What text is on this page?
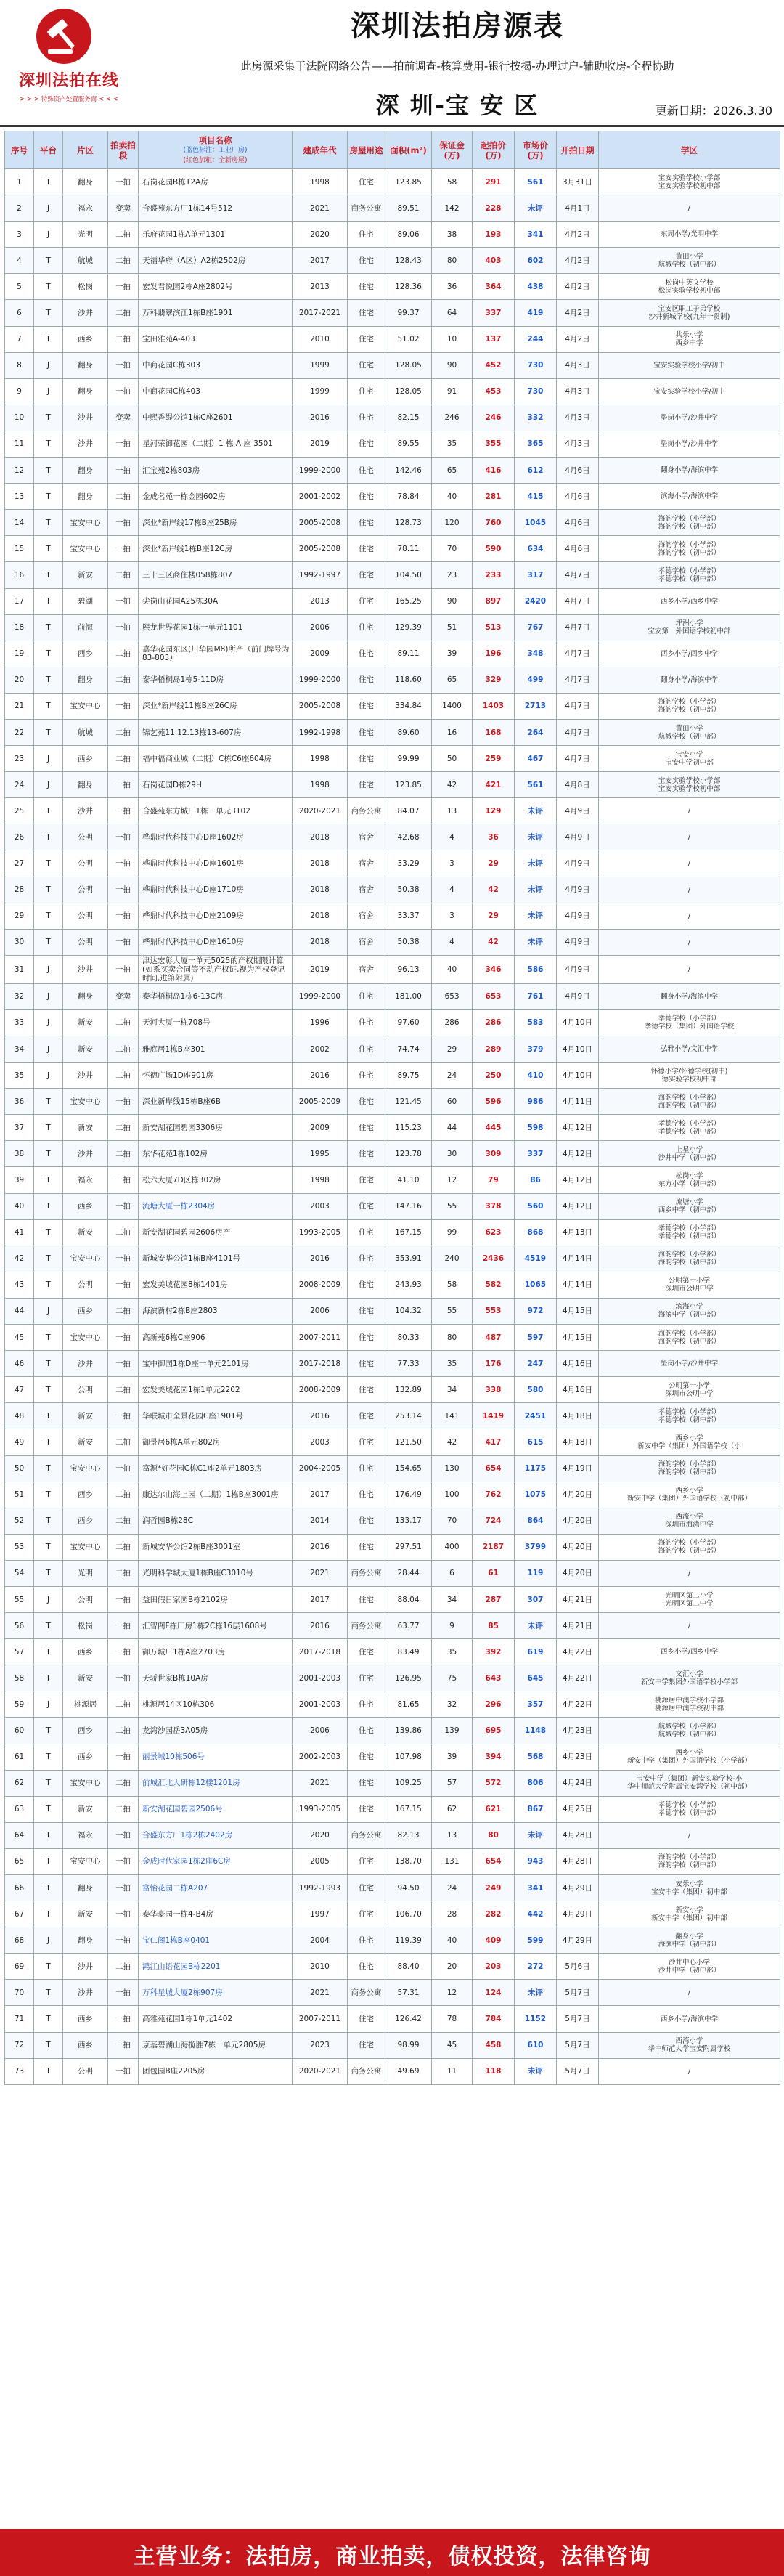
深圳法拍在线
> > > 特殊资产处置服务商 < < <
深圳法拍房源表
此房源采集于法院网络公告——拍前调查-核算费用-银行按揭-办理过户-辅助收房-全程协助
深 圳-宝 安 区	更新日期：2026.3.30
序号	平台	片区	拍卖拍段	项目名称
(蓝色标注：工业厂房)
(红色加粗：全新房屋)	建成年代	房屋用途	面积(m²)	保证金(万)	起拍价(万)	市场价(万)	开拍日期	学区
1	T	翻身	一拍	石岗花园B栋12A房	1998	住宅	123.85	58	291	561	3月31日	宝安实验学校小学部
宝安实验学校初中部

2	J	福永	变卖	合盛苑东方厂1栋14号512	2021	商务公寓	89.51	142	228	未评	4月1日	/

3	J	光明	二拍	乐府花园1栋A单元1301	2020	住宅	89.06	38	193	341	4月2日	东周小学/光明中学

4	T	航城	二拍	天福华府（A区）A2栋2502房	2017	住宅	128.43	80	403	602	4月2日	黄田小学
航城学校（初中部）

5	T	松岗	一拍	宏发君悦园2栋A座2802号	2013	住宅	128.36	36	364	438	4月2日	松岗中英文学校
松岗实验学校初中部

6	T	沙井	二拍	万科翡翠滨江1栋B座1901	2017-2021	住宅	99.37	64	337	419	4月2日	宝安区职工子弟学校
沙井新城学校(九年一贯制)

7	T	西乡	二拍	宝田雅苑A-403	2010	住宅	51.02	10	137	244	4月2日	共乐小学
西乡中学

8	J	翻身	一拍	中商花园C栋303	1999	住宅	128.05	90	452	730	4月3日	宝安实验学校小学/初中

9	J	翻身	一拍	中商花园C栋403	1999	住宅	128.05	91	453	730	4月3日	宝安实验学校小学/初中

10	T	沙井	变卖	中熙香缇公馆1栋C座2601	2016	住宅	82.15	246	246	332	4月3日	壆岗小学/沙井中学

11	T	沙井	一拍	星河荣御花园（二期）1 栋 A 座 3501	2019	住宅	89.55	35	355	365	4月3日	壆岗小学/沙井中学

12	T	翻身	一拍	汇宝苑2栋803房	1999-2000	住宅	142.46	65	416	612	4月6日	翻身小学/海滨中学

13	T	翻身	二拍	金成名苑一栋金园602房	2001-2002	住宅	78.84	40	281	415	4月6日	滨海小学/海滨中学

14	T	宝安中心	一拍	深业*新岸线17栋B座25B房	2005-2008	住宅	128.73	120	760	1045	4月6日	海韵学校（小学部）
海韵学校（初中部）

15	T	宝安中心	一拍	深业*新岸线1栋B座12C房	2005-2008	住宅	78.11	70	590	634	4月6日	海韵学校（小学部）
海韵学校（初中部）

16	T	新安	二拍	三十三区商住楼058栋807	1992-1997	住宅	104.50	23	233	317	4月7日	孝德学校（小学部）
孝德学校（初中部）

17	T	碧湖	一拍	尖岗山花园A25栋30A	2013	住宅	165.25	90	897	2420	4月7日	西乡小学/西乡中学

18	T	前海	一拍	熙龙世界花园1栋一单元1101	2006	住宅	129.39	51	513	767	4月7日	坪洲小学
宝安第一外国语学校初中部

19	T	西乡	二拍	嘉华花园东区(川华园M8)所产（前门牌号为83-803）	2009	住宅	89.11	39	196	348	4月7日	西乡小学/西乡中学

20	T	翻身	二拍	泰华梧桐岛1栋5-11D房	1999-2000	住宅	118.60	65	329	499	4月7日	翻身小学/海滨中学

21	T	宝安中心	一拍	深业*新岸线11栋B座26C房	2005-2008	住宅	334.84	1400	1403	2713	4月7日	海韵学校（小学部）
海韵学校（初中部）

22	T	航城	二拍	锦艺苑11.12.13栋13-607房	1992-1998	住宅	89.60	16	168	264	4月7日	黄田小学
航城学校（初中部）

23	J	西乡	二拍	福中福商业城（二期）C栋C6座604房	1998	住宅	99.99	50	259	467	4月7日	宝安小学
宝安中学初中部

24	J	翻身	一拍	石岗花园D栋29H	1998	住宅	123.85	42	421	561	4月8日	宝安实验学校小学部
宝安实验学校初中部

25	T	沙井	一拍	合盛苑东方城厂1栋一单元3102	2020-2021	商务公寓	84.07	13	129	未评	4月9日	/

26	T	公明	一拍	桦鼎时代科技中心D座1602房	2018	宿舍	42.68	4	36	未评	4月9日	/

27	T	公明	一拍	桦鼎时代科技中心D座1601房	2018	宿舍	33.29	3	29	未评	4月9日	/

28	T	公明	一拍	桦鼎时代科技中心D座1710房	2018	宿舍	50.38	4	42	未评	4月9日	/

29	T	公明	一拍	桦鼎时代科技中心D座2109房	2018	宿舍	33.37	3	29	未评	4月9日	/

30	T	公明	一拍	桦鼎时代科技中心D座1610房	2018	宿舍	50.38	4	42	未评	4月9日	/

31	J	沙井	一拍	津达宏彰大厦一单元5025的产权期限计算(如系买卖合同等不动产权证,视为产权登记时间,进第附属)	2019	宿舍	96.13	40	346	586	4月9日	/

32	J	翻身	变卖	泰华梧桐岛1栋6-13C房	1999-2000	住宅	181.00	653	653	761	4月9日	翻身小学/海滨中学

33	J	新安	二拍	天河大厦一栋708号	1996	住宅	97.60	286	286	583	4月10日	孝德学校（小学部）
孝德学校（集团）外国语学校

34	J	新安	二拍	雅庭居1栋B座301	2002	住宅	74.74	29	289	379	4月10日	弘雅小学/文汇中学

35	J	沙井	二拍	怀德广场1D座901房	2016	住宅	89.75	24	250	410	4月10日	怀德小学/怀德学校(初中)
德实验学校初中部

36	T	宝安中心	一拍	深业新岸线15栋B座6B	2005-2009	住宅	121.45	60	596	986	4月11日	海韵学校（小学部）
海韵学校（初中部）

37	T	新安	二拍	新安湖花园碧园3306房	2009	住宅	115.23	44	445	598	4月12日	孝德学校（小学部）
孝德学校（初中部）

38	T	沙井	二拍	东华花苑1栋102房	1995	住宅	123.78	30	309	337	4月12日	上星小学
沙井中学（初中部）

39	T	福永	一拍	松六大厦7D区栋302房	1998	住宅	41.10	12	79	86	4月12日	松岗小学
东方小学（初中部）

40	T	西乡	一拍	流塘大厦一栋2304房	2003	住宅	147.16	55	378	560	4月12日	流塘小学
西乡中学（初中部）

41	T	新安	二拍	新安湖花园碧园2606房产	1993-2005	住宅	167.15	99	623	868	4月13日	孝德学校（小学部）
孝德学校（初中部）

42	T	宝安中心	一拍	新城安华公馆1栋B座4101号	2016	住宅	353.91	240	2436	4519	4月14日	海韵学校（小学部）
海韵学校（初中部）

43	T	公明	一拍	宏发美域花园8栋1401房	2008-2009	住宅	243.93	58	582	1065	4月14日	公明第一小学
深圳市公明中学

44	J	西乡	二拍	海滨新村2栋B座2803	2006	住宅	104.32	55	553	972	4月15日	滨海小学
海滨中学（初中部）

45	T	宝安中心	一拍	高新苑6栋C座906	2007-2011	住宅	80.33	80	487	597	4月15日	海韵学校（小学部）
海韵学校（初中部）

46	T	沙井	一拍	宝中御园1栋D座一单元2101房	2017-2018	住宅	77.33	35	176	247	4月16日	壆岗小学/沙井中学

47	T	公明	二拍	宏发美域花园1栋1单元2202	2008-2009	住宅	132.89	34	338	580	4月16日	公明第一小学
深圳市公明中学

48	T	新安	一拍	华联城市全景花园C座1901号	2016	住宅	253.14	141	1419	2451	4月18日	孝德学校（小学部）
孝德学校（初中部）

49	T	新安	二拍	御景居6栋A单元802房	2003	住宅	121.50	42	417	615	4月18日	西乡小学
新安中学（集团）外国语学校（小

50	T	宝安中心	一拍	富源*好花园C栋C1座2单元1803房	2004-2005	住宅	154.65	130	654	1175	4月19日	海韵学校（小学部）
海韵学校（初中部）

51	T	西乡	二拍	康达尔山海上园（二期）1栋B座3001房	2017	住宅	176.49	100	762	1075	4月20日	西乡小学
新安中学（集团）外国语学校（初中部）

52	T	西乡	二拍	润哲园B栋28C	2014	住宅	133.17	70	724	864	4月20日	西流小学
深圳市海湾中学

53	T	宝安中心	二拍	新城安华公馆2栋B座3001室	2016	住宅	297.51	400	2187	3799	4月20日	海韵学校（小学部）
海韵学校（初中部）

54	T	光明	二拍	光明科学城大厦1栋B座C3010号	2021	商务公寓	28.44	6	61	119	4月20日	/

55	J	公明	一拍	益田假日家园B栋2102房	2017	住宅	88.04	34	287	307	4月21日	光明区第二小学
光明区第二中学

56	T	松岗	一拍	汇智阁F栋厂房1栋2C栋16层1608号	2016	商务公寓	63.77	9	85	未评	4月21日	/

57	T	西乡	一拍	御万城厂1栋A座2703房	2017-2018	住宅	83.49	35	392	619	4月22日	西乡小学/西乡中学

58	T	新安	一拍	天骄世家B栋10A房	2001-2003	住宅	126.95	75	643	645	4月22日	文汇小学
新安中学集团外国语学校小学部

59	J	桃源居	二拍	桃源居14区10栋306	2001-2003	住宅	81.65	32	296	357	4月22日	桃源居中澳学校小学部
桃源居中澳学校初中部

60	T	西乡	二拍	龙湾沙园岳3A05房	2006	住宅	139.86	139	695	1148	4月23日	航城学校（小学部）
航城学校（初中部）

61	T	西乡	一拍	丽景城10栋506号	2002-2003	住宅	107.98	39	394	568	4月23日	西乡小学
新安中学（集团）外国语学校（小学部）

62	T	宝安中心	二拍	前城汇北大研栋12楼1201房	2021	住宅	109.25	57	572	806	4月24日	宝安中学（集团）新安实验学校-小
华中师范大学附属宝安湾学校（初中部）

63	T	新安	二拍	新安湖花园碧园2506号	1993-2005	住宅	167.15	62	621	867	4月25日	孝德学校（小学部）
孝德学校（初中部）

64	T	福永	一拍	合盛东方厂1栋2栋2402房	2020	商务公寓	82.13	13	80	未评	4月28日	/

65	T	宝安中心	一拍	金成时代家园1栋2座6C房	2005	住宅	138.70	131	654	943	4月28日	海韵学校（小学部）
海韵学校（初中部）

66	T	翻身	一拍	富怡花园二栋A207	1992-1993	住宅	94.50	24	249	341	4月29日	安乐小学
宝安中学（集团）初中部

67	T	新安	一拍	泰华豪园一栋4-B4房	1997	住宅	106.70	28	282	442	4月29日	新安小学
新安中学（集团）初中部

68	J	翻身	一拍	宝仁阁1栋B座0401	2004	住宅	119.39	40	409	599	4月29日	翻身小学
海滨中学（初中部）

69	T	沙井	二拍	鸿江山语花园B栋2201	2010	住宅	88.40	20	203	272	5月6日	沙井中心小学
沙井中学（初中部）

70	T	沙井	一拍	万科星城大厦2栋907房	2021	商务公寓	57.31	12	124	未评	5月7日	/

71	T	西乡	一拍	高雅苑花园1栋1单元1402	2007-2011	住宅	126.42	78	784	1152	5月7日	西乡小学/海滨中学

72	T	西乡	一拍	京基碧湖山海揽胜7栋一单元2805房	2023	住宅	98.99	45	458	610	5月7日	西湾小学
华中师范大学宝安附属学校

73	T	公明	一拍	团包园B座2205房	2020-2021	商务公寓	49.69	11	118	未评	5月7日	/
主营业务：法拍房，商业拍卖，债权投资，法律咨询
